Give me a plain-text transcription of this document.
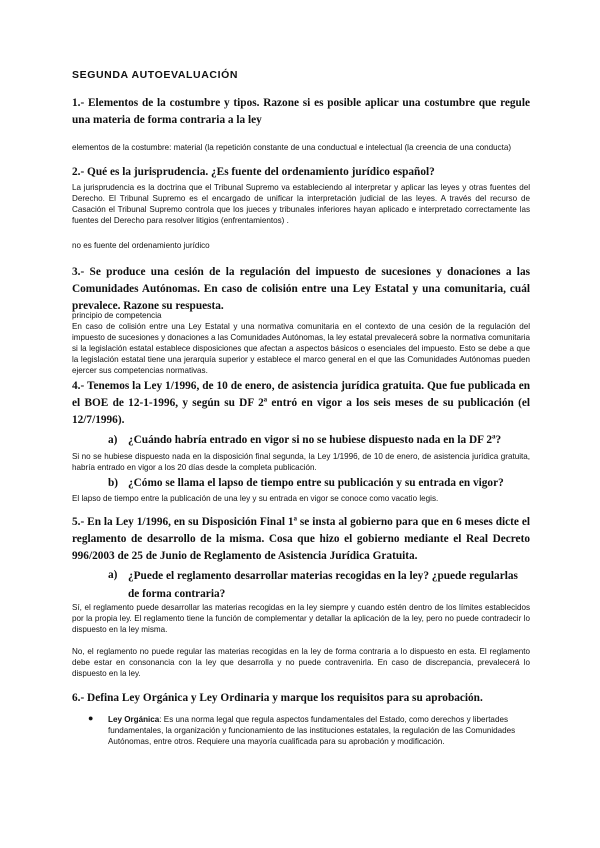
SEGUNDA AUTOEVALUACIÓN
1.- Elementos de la costumbre y tipos. Razone si es posible aplicar una costumbre que regule una materia de forma contraria a la ley
elementos de la costumbre: material (la repetición constante de una conductual e intelectual (la creencia de una conducta)
2.- Qué es la jurisprudencia. ¿Es fuente del ordenamiento jurídico español?
La jurisprudencia es la doctrina que el Tribunal Supremo va estableciendo al interpretar y aplicar las leyes y otras fuentes del Derecho. El Tribunal Supremo es el encargado de unificar la interpretación judicial de las leyes. A través del recurso de Casación el Tribunal Supremo controla que los jueces y tribunales inferiores hayan aplicado e interpretado correctamente las fuentes del Derecho para resolver litigios (enfrentamientos) .
no es fuente del ordenamiento jurídico
3.- Se produce una cesión de la regulación del impuesto de sucesiones y donaciones a las Comunidades Autónomas. En caso de colisión entre una Ley Estatal y una comunitaria, cuál prevalece. Razone su respuesta.
principio de competencia
En caso de colisión entre una Ley Estatal y una normativa comunitaria en el contexto de una cesión de la regulación del impuesto de sucesiones y donaciones a las Comunidades Autónomas, la ley estatal prevalecerá sobre la normativa comunitaria si la legislación estatal establece disposiciones que afectan a aspectos básicos o esenciales del impuesto. Esto se debe a que la legislación estatal tiene una jerarquía superior y establece el marco general en el que las Comunidades Autónomas pueden ejercer sus competencias normativas.
4.- Tenemos la Ley 1/1996, de 10 de enero, de asistencia jurídica gratuita. Que fue publicada en el BOE de 12-1-1996, y según su DF 2ª entró en vigor a los seis meses de su publicación (el 12/7/1996).
a) ¿Cuándo habría entrado en vigor si no se hubiese dispuesto nada en la DF 2ª?
Si no se hubiese dispuesto nada en la disposición final segunda, la Ley 1/1996, de 10 de enero, de asistencia jurídica gratuita, habría entrado en vigor a los 20 días desde la completa publicación.
b) ¿Cómo se llama el lapso de tiempo entre su publicación y su entrada en vigor?
El lapso de tiempo entre la publicación de una ley y su entrada en vigor se conoce como vacatio legis.
5.- En la Ley 1/1996, en su Disposición Final 1ª se insta al gobierno para que en 6 meses dicte el reglamento de desarrollo de la misma. Cosa que hizo el gobierno mediante el Real Decreto 996/2003 de 25 de Junio de Reglamento de Asistencia Jurídica Gratuita.
a) ¿Puede el reglamento desarrollar materias recogidas en la ley? ¿puede regularlas de forma contraria?
Sí, el reglamento puede desarrollar las materias recogidas en la ley siempre y cuando estén dentro de los límites establecidos por la propia ley. El reglamento tiene la función de complementar y detallar la aplicación de la ley, pero no puede contradecir lo dispuesto en la ley misma.
No, el reglamento no puede regular las materias recogidas en la ley de forma contraria a lo dispuesto en esta. El reglamento debe estar en consonancia con la ley que desarrolla y no puede contravenirla. En caso de discrepancia, prevalecerá lo dispuesto en la ley.
6.- Defina Ley Orgánica y Ley Ordinaria y marque los requisitos para su aprobación.
● Ley Orgánica: Es una norma legal que regula aspectos fundamentales del Estado, como derechos y libertades fundamentales, la organización y funcionamiento de las instituciones estatales, la regulación de las Comunidades Autónomas, entre otros. Requiere una mayoría cualificada para su aprobación y modificación.
